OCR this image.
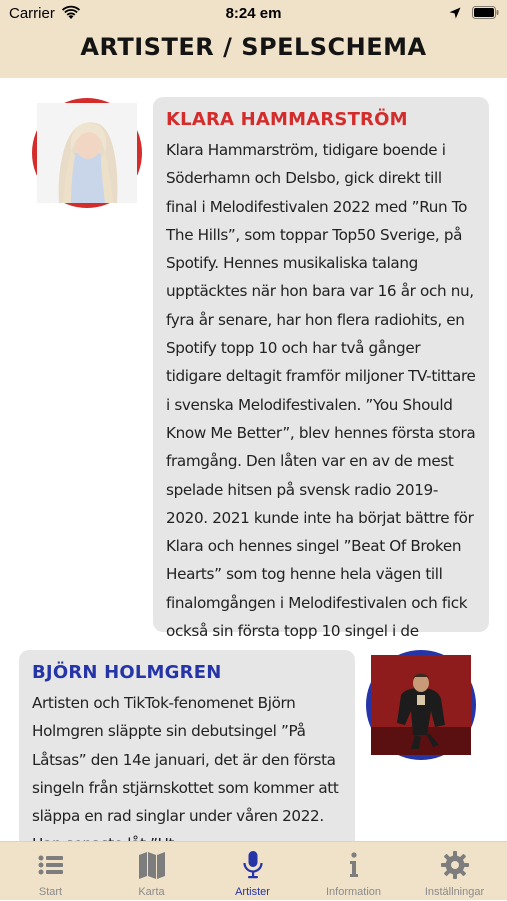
Carrier	8:24 em
ARTISTER / SPELSCHEMA
KLARA HAMMARSTRÖM
Klara Hammarström, tidigare boende i Söderhamn och Delsbo, gick direkt till final i Melodifestivalen 2022 med ”Run To The Hills”, som toppar Top50 Sverige, på Spotify. Hennes musikaliska talang upptäcktes när hon bara var 16 år och nu, fyra år senare, har hon flera radiohits, en Spotify topp 10 och har två gånger tidigare deltagit framför miljoner TV-tittare i svenska Melodifestivalen. ”You Should Know Me Better”, blev hennes första stora framgång. Den låten var en av de mest spelade hitsen på svensk radio 2019-2020. 2021 kunde inte ha börjat bättre för Klara och hennes singel ”Beat Of Broken Hearts” som tog henne hela vägen till finalomgången i Melodifestivalen och fick också sin första topp 10 singel i de
BJÖRN HOLMGREN
Artisten och TikTok-fenomenet Björn Holmgren släppte sin debutsingel ”På Låtsas” den 14e januari, det är den första singeln från stjärnskottet som kommer att släppa en rad singlar under våren 2022.
Start	Karta	Artister	Information	Inställningar
